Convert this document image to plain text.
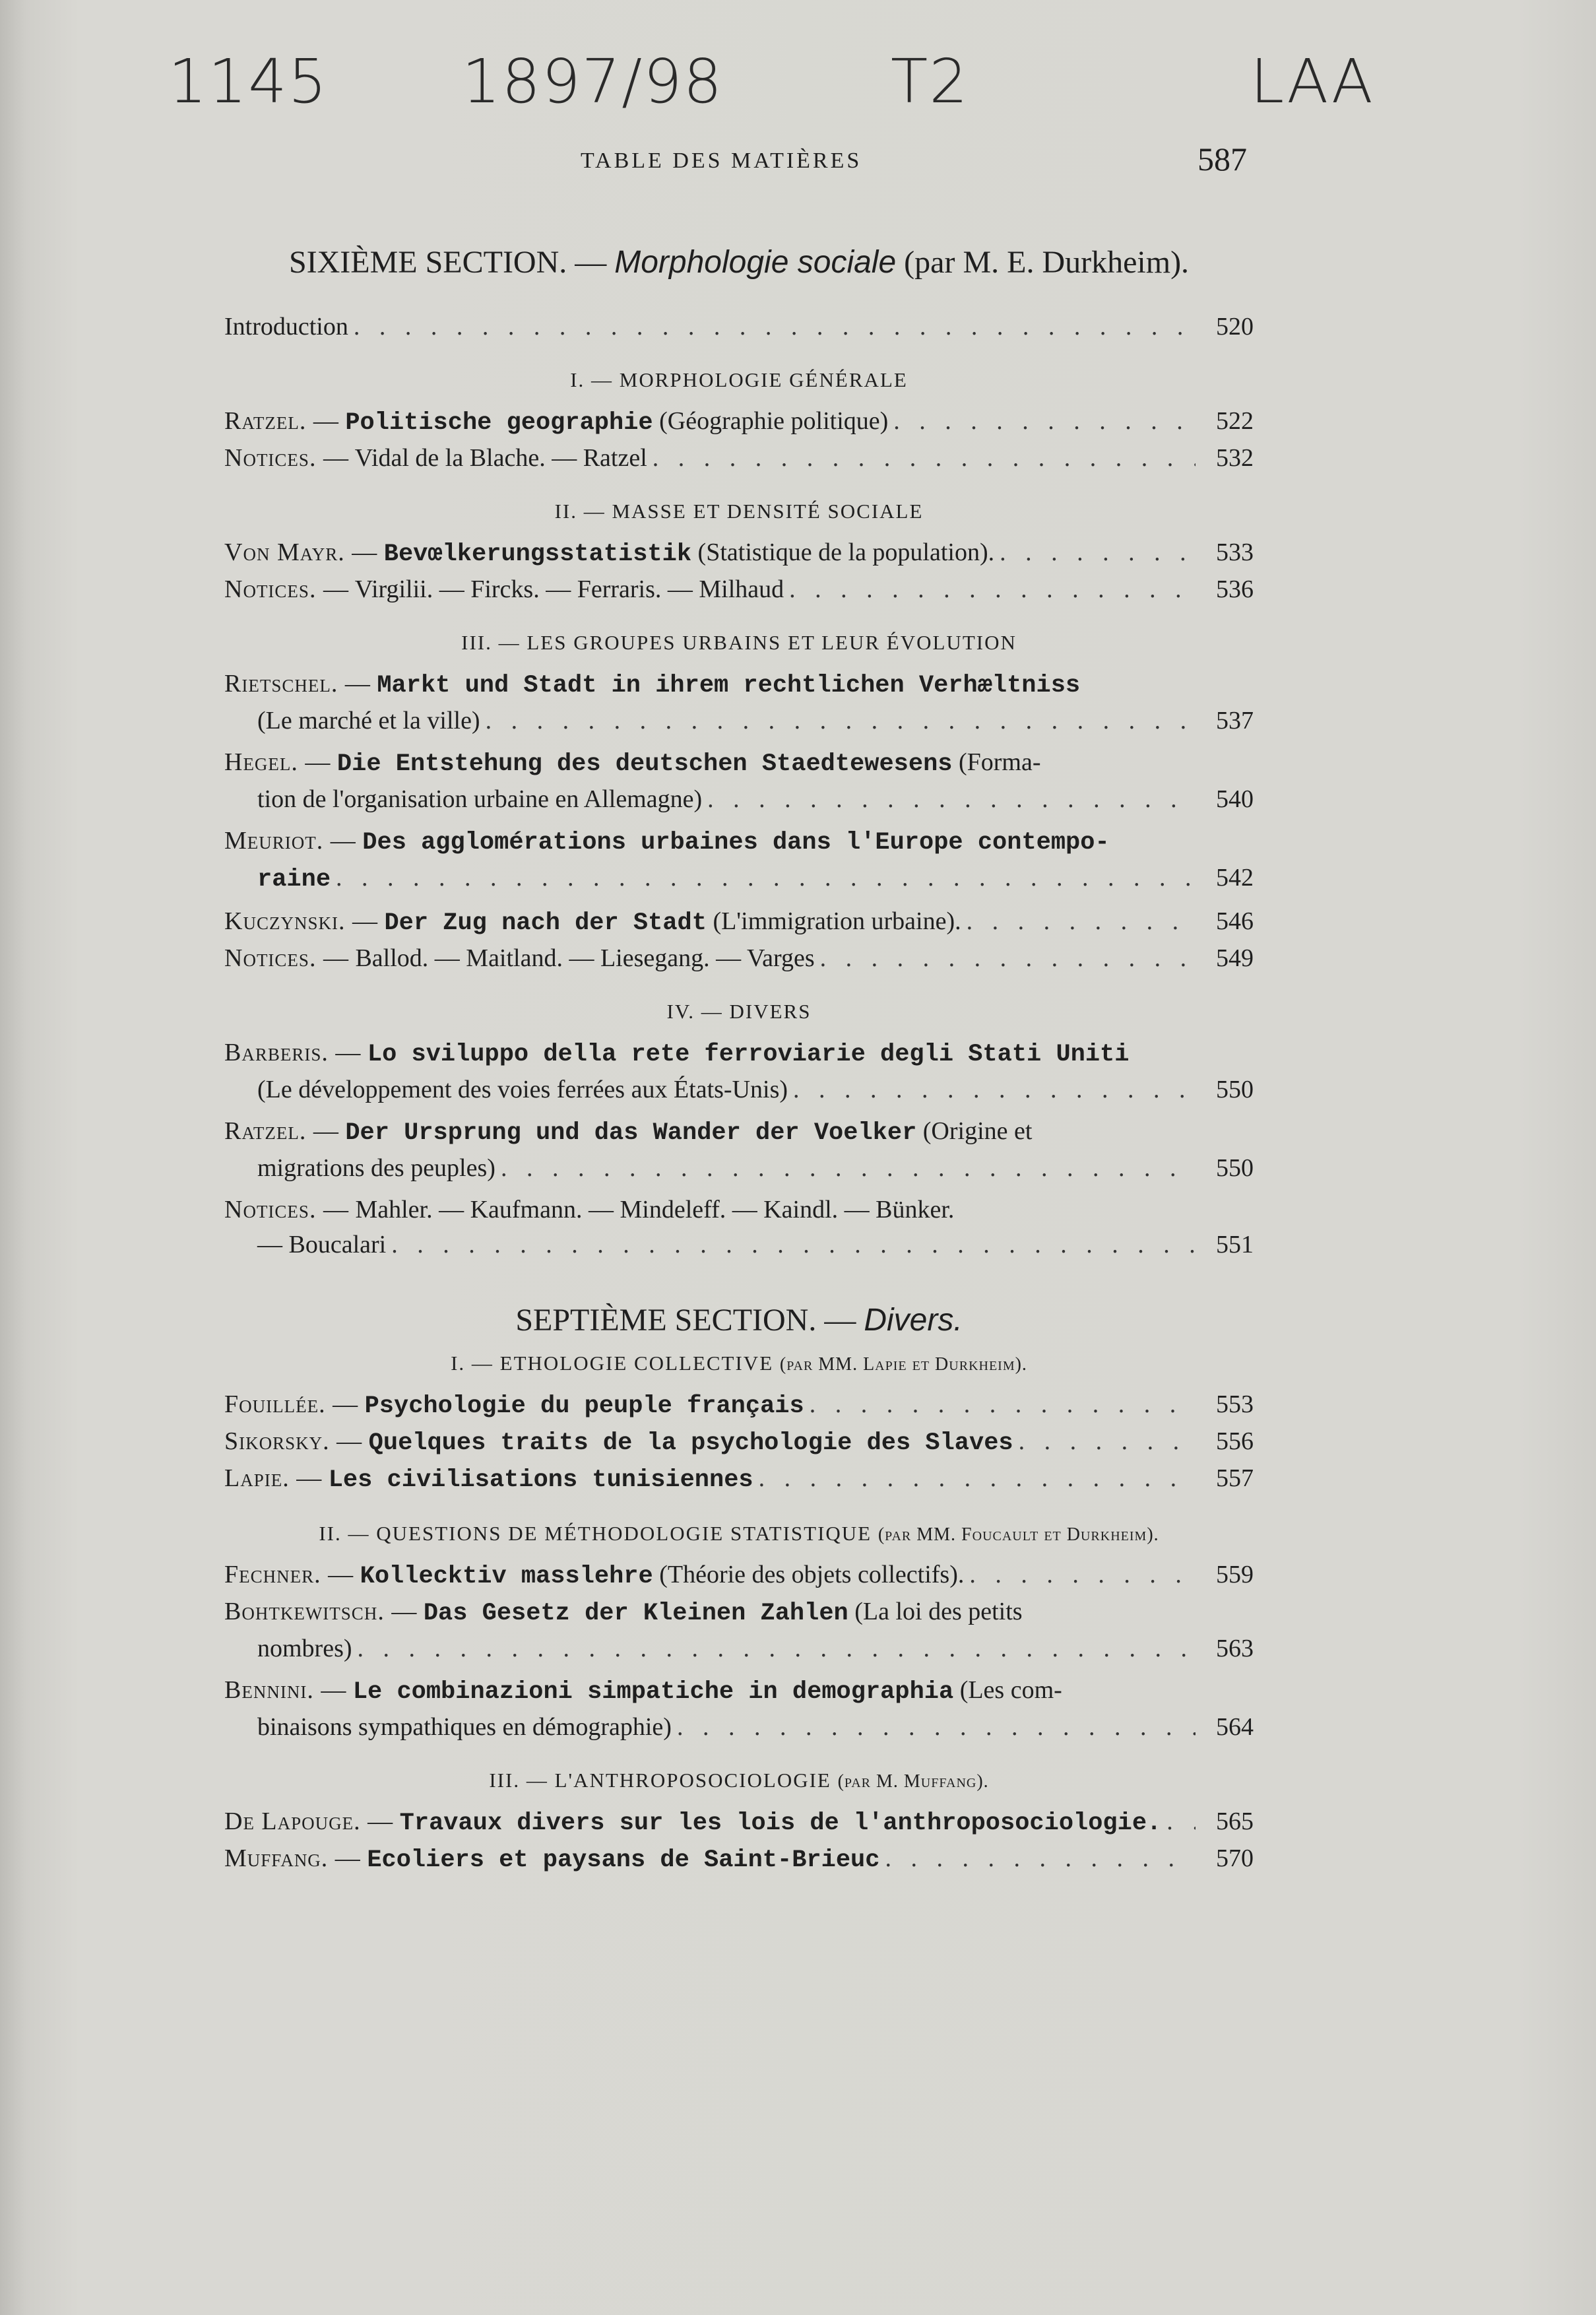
1145 1897/98	T2	LAA
TABLE DES MATIÈRES	587
SIXIÈME SECTION. — Morphologie sociale (par M. E. Durkheim).
Introduction . . .	520
I. — MORPHOLOGIE GÉNÉRALE
Ratzel. — Politische geographie (Géographie politique) . . .	522
Notices. — Vidal de la Blache. — Ratzel . . .	532
II. — MASSE ET DENSITÉ SOCIALE
Von Mayr. — Bevœlkerungsstatistik (Statistique de la population). . . .	533
Notices. — Virgilii. — Fircks. — Ferraris. — Milhaud . . .	536
III. — LES GROUPES URBAINS ET LEUR ÉVOLUTION
Rietschel. — Markt und Stadt in ihrem rechtlichen Verhæltniss
(Le marché et la ville) . . .	537
Hegel. — Die Entstehung des deutschen Staedtewesens (Forma-
tion de l'organisation urbaine en Allemagne) . . .	540
Meuriot. — Des agglomérations urbaines dans l'Europe contempo-
raine . . .	542
Kuczynski. — Der Zug nach der Stadt (L'immigration urbaine). . . .	546
Notices. — Ballod. — Maitland. — Liesegang. — Varges . . .	549
IV. — DIVERS
Barberis. — Lo sviluppo della rete ferroviarie degli Stati Uniti
(Le développement des voies ferrées aux États-Unis) . . .	550
Ratzel. — Der Ursprung und das Wander der Voelker (Origine et
migrations des peuples) . . .	550
Notices. — Mahler. — Kaufmann. — Mindeleff. — Kaindl. — Bünker.
— Boucalari . . .	551
SEPTIÈME SECTION. — Divers.
I. — ETHOLOGIE COLLECTIVE (par MM. Lapie et Durkheim).
Fouillée. — Psychologie du peuple français . . .	553
Sikorsky. — Quelques traits de la psychologie des Slaves . . .	556
Lapie. — Les civilisations tunisiennes . . .	557
II. — QUESTIONS DE MÉTHODOLOGIE STATISTIQUE (par MM. Foucault et Durkheim).
Fechner. — Kollecktiv masslehre (Théorie des objets collectifs). . . .	559
Bohtkewitsch. — Das Gesetz der Kleinen Zahlen (La loi des petits
nombres) . . .	563
Bennini. — Le combinazioni simpatiche in demographia (Les com-
binaisons sympathiques en démographie) . . .	564
III. — L'ANTHROPOSOCIOLOGIE (par M. Muffang).
De Lapouge. — Travaux divers sur les lois de l'anthroposociologie. . . .	565
Muffang. — Ecoliers et paysans de Saint-Brieuc . . .	570
